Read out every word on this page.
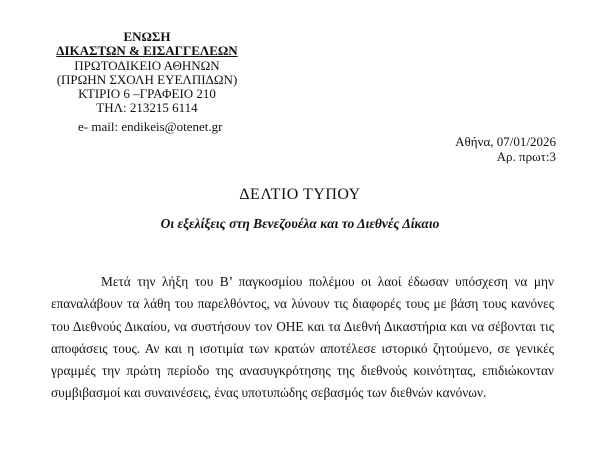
ΕΝΩΣΗ
ΔΙΚΑΣΤΩΝ & ΕΙΣΑΓΓΕΛΕΩΝ
ΠΡΩΤΟΔΙΚΕΙΟ ΑΘΗΝΩΝ
(ΠΡΩΗΝ ΣΧΟΛΗ ΕΥΕΛΠΙΔΩΝ)
ΚΤΙΡΙΟ 6 –ΓΡΑΦΕΙΟ 210
ΤΗΛ: 213215 6114
e- mail: endikeis@otenet.gr
Αθήνα, 07/01/2026
Αρ. πρωτ:3
ΔΕΛΤΙΟ ΤΥΠΟΥ
Οι εξελίξεις στη Βενεζουέλα και το Διεθνές Δίκαιο

Μετά την λήξη του Β’ παγκοσμίου πολέμου οι λαοί έδωσαν υπόσχεση να μην επαναλάβουν τα λάθη του παρελθόντος, να λύνουν τις διαφορές τους με βάση τους κανόνες του Διεθνούς Δικαίου, να συστήσουν τον ΟΗΕ και τα Διεθνή Δικαστήρια και να σέβονται τις αποφάσεις τους. Αν και η ισοτιμία των κρατών αποτέλεσε ιστορικό ζητούμενο, σε γενικές γραμμές την πρώτη περίοδο της ανασυγκρότησης της διεθνούς κοινότητας, επιδιώκονταν συμβιβασμοί και συναινέσεις, ένας υποτυπώδης σεβασμός των διεθνών κανόνων.
